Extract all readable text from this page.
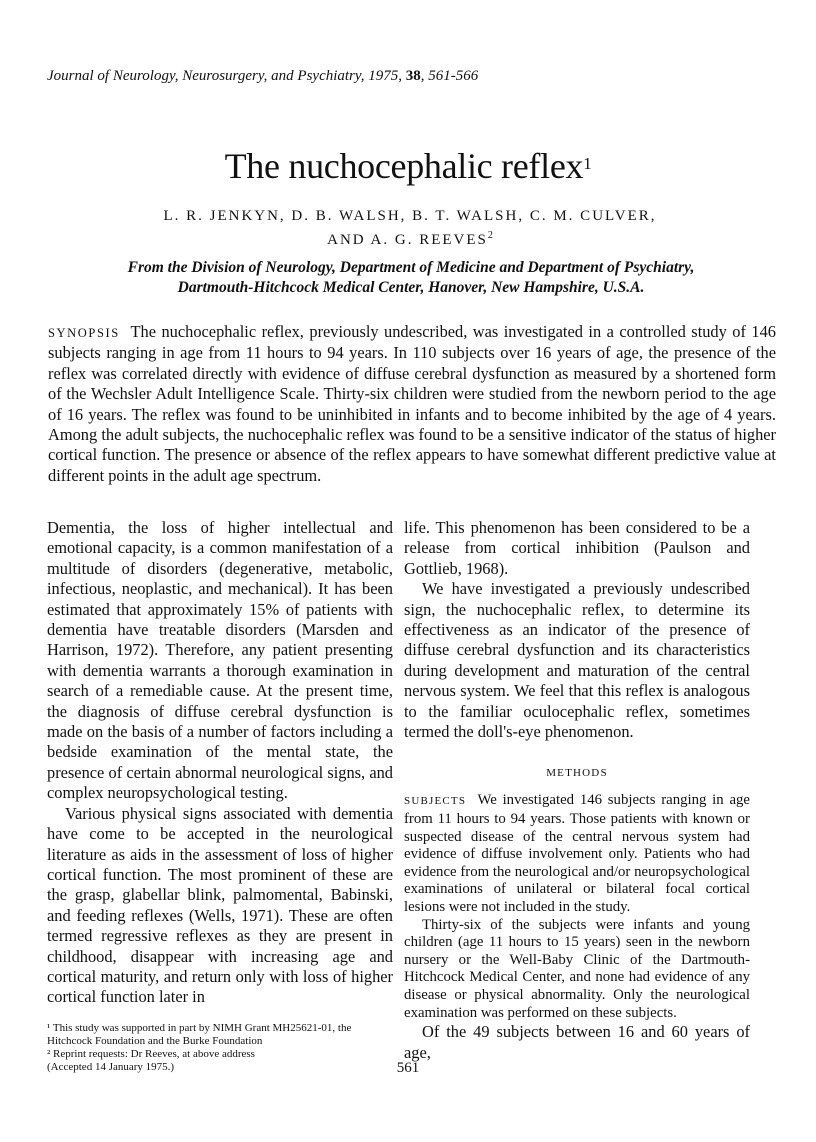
Journal of Neurology, Neurosurgery, and Psychiatry, 1975, 38, 561-566
The nuchocephalic reflex$^1$
L. R. JENKYN, D. B. WALSH, B. T. WALSH, C. M. CULVER,
AND A. G. REEVES$^2$
From the Division of Neurology, Department of Medicine and Department of Psychiatry,
Dartmouth-Hitchcock Medical Center, Hanover, New Hampshire, U.S.A.
SYNOPSIS The nuchocephalic reflex, previously undescribed, was investigated in a controlled study of 146 subjects ranging in age from 11 hours to 94 years. In 110 subjects over 16 years of age, the presence of the reflex was correlated directly with evidence of diffuse cerebral dysfunction as measured by a shortened form of the Wechsler Adult Intelligence Scale. Thirty-six children were studied from the newborn period to the age of 16 years. The reflex was found to be uninhibited in infants and to become inhibited by the age of 4 years. Among the adult subjects, the nuchocephalic reflex was found to be a sensitive indicator of the status of higher cortical function. The presence or absence of the reflex appears to have somewhat different predictive value at different points in the adult age spectrum.

Dementia, the loss of higher intellectual and emotional capacity, is a common manifestation of a multitude of disorders (degenerative, metabolic, infectious, neoplastic, and mechanical). It has been estimated that approximately 15% of patients with dementia have treatable disorders (Marsden and Harrison, 1972). Therefore, any patient presenting with dementia warrants a thorough examination in search of a remediable cause. At the present time, the diagnosis of diffuse cerebral dysfunction is made on the basis of a number of factors including a bedside examination of the mental state, the presence of certain abnormal neurological signs, and complex neuropsychological testing.

Various physical signs associated with dementia have come to be accepted in the neurological literature as aids in the assessment of loss of higher cortical function. The most prominent of these are the grasp, glabellar blink, palmomental, Babinski, and feeding reflexes (Wells, 1971). These are often termed regressive reflexes as they are present in childhood, disappear with increasing age and cortical maturity, and return only with loss of higher cortical function later in

life. This phenomenon has been considered to be a release from cortical inhibition (Paulson and Gottlieb, 1968).

We have investigated a previously undescribed sign, the nuchocephalic reflex, to determine its effectiveness as an indicator of the presence of diffuse cerebral dysfunction and its characteristics during development and maturation of the central nervous system. We feel that this reflex is analogous to the familiar oculocephalic reflex, sometimes termed the doll's-eye phenomenon.

METHODS

SUBJECTS We investigated 146 subjects ranging in age from 11 hours to 94 years. Those patients with known or suspected disease of the central nervous system had evidence of diffuse involvement only. Patients who had evidence from the neurological and/or neuropsychological examinations of unilateral or bilateral focal cortical lesions were not included in the study.

Thirty-six of the subjects were infants and young children (age 11 hours to 15 years) seen in the newborn nursery or the Well-Baby Clinic of the Dartmouth-Hitchcock Medical Center, and none had evidence of any disease or physical abnormality. Only the neurological examination was performed on these subjects.

Of the 49 subjects between 16 and 60 years of age,

¹ This study was supported in part by NIMH Grant MH25621-01, the Hitchcock Foundation and the Burke Foundation
² Reprint requests: Dr Reeves, at above address
(Accepted 14 January 1975.)	561
